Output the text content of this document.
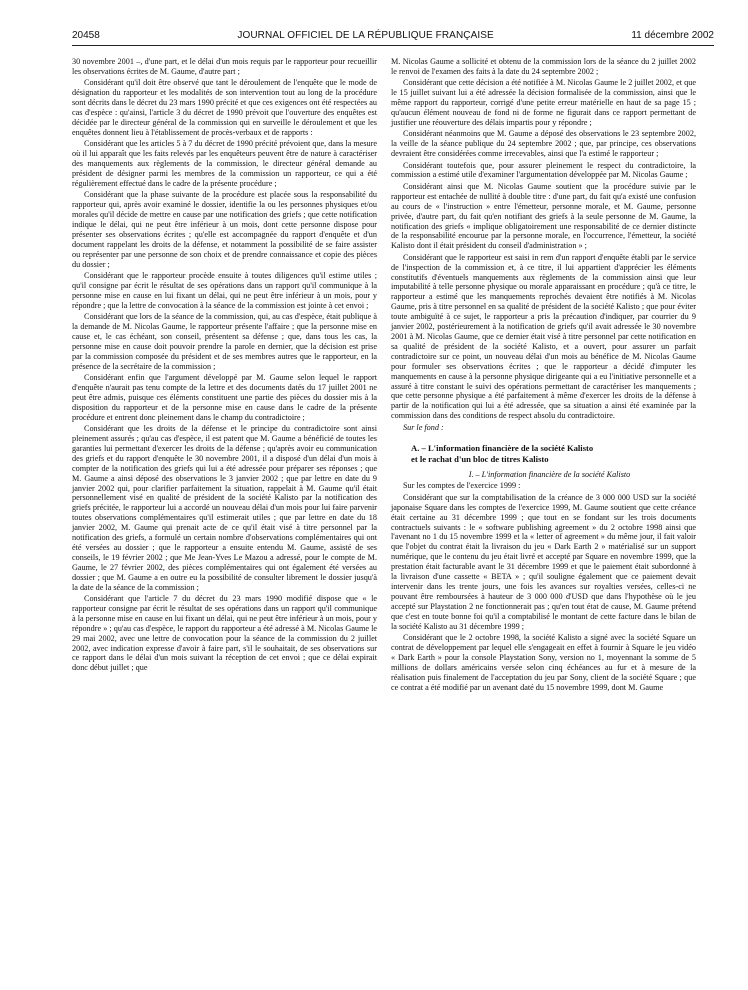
20458	JOURNAL OFFICIEL DE LA RÉPUBLIQUE FRANÇAISE	11 décembre 2002

30 novembre 2001 –, d'une part, et le délai d'un mois requis par le rapporteur pour recueillir les observations écrites de M. Gaume, d'autre part ;

Considérant qu'il doit être observé que tant le déroulement de l'enquête que le mode de désignation du rapporteur et les modalités de son intervention tout au long de la procédure sont décrits dans le décret du 23 mars 1990 précité et que ces exigences ont été respectées au cas d'espèce : qu'ainsi, l'article 3 du décret de 1990 prévoit que l'ouverture des enquêtes est décidée par le directeur général de la commission qui en surveille le déroulement et que les enquêtes donnent lieu à l'établissement de procès-verbaux et de rapports :

Considérant que les articles 5 à 7 du décret de 1990 précité prévoient que, dans la mesure où il lui apparaît que les faits relevés par les enquêteurs peuvent être de nature à caractériser des manquements aux règlements de la commission, le directeur général demande au président de désigner parmi les membres de la commission un rapporteur, ce qui a été régulièrement effectué dans le cadre de la présente procédure ;

Considérant que la phase suivante de la procédure est placée sous la responsabilité du rapporteur qui, après avoir examiné le dossier, identifie la ou les personnes physiques et/ou morales qu'il décide de mettre en cause par une notification des griefs ; que cette notification indique le délai, qui ne peut être inférieur à un mois, dont cette personne dispose pour présenter ses observations écrites ; qu'elle est accompagnée du rapport d'enquête et d'un document rappelant les droits de la défense, et notamment la possibilité de se faire assister ou représenter par une personne de son choix et de prendre connaissance et copie des pièces du dossier ;

Considérant que le rapporteur procède ensuite à toutes diligences qu'il estime utiles ; qu'il consigne par écrit le résultat de ses opérations dans un rapport qu'il communique à la personne mise en cause en lui fixant un délai, qui ne peut être inférieur à un mois, pour y répondre ; que la lettre de convocation à la séance de la commission est jointe à cet envoi ;

Considérant que lors de la séance de la commission, qui, au cas d'espèce, était publique à la demande de M. Nicolas Gaume, le rapporteur présente l'affaire ; que la personne mise en cause et, le cas échéant, son conseil, présentent sa défense ; que, dans tous les cas, la personne mise en cause doit pouvoir prendre la parole en dernier, que la décision est prise par la commission composée du président et de ses membres autres que le rapporteur, en la présence de la secrétaire de la commission ;

Considérant enfin que l'argument développé par M. Gaume selon lequel le rapport d'enquête n'aurait pas tenu compte de la lettre et des documents datés du 17 juillet 2001 ne peut être admis, puisque ces éléments constituent une partie des pièces du dossier mis à la disposition du rapporteur et de la personne mise en cause dans le cadre de la présente procédure et entrent donc pleinement dans le champ du contradictoire ;

Considérant que les droits de la défense et le principe du contradictoire sont ainsi pleinement assurés ; qu'au cas d'espèce, il est patent que M. Gaume a bénéficié de toutes les garanties lui permettant d'exercer les droits de la défense ; qu'après avoir eu communication des griefs et du rapport d'enquête le 30 novembre 2001, il a disposé d'un délai d'un mois à compter de la notification des griefs qui lui a été adressée pour préparer ses réponses ; que M. Gaume a ainsi déposé des observations le 3 janvier 2002 ; que par lettre en date du 9 janvier 2002 qui, pour clarifier parfaitement la situation, rappelait à M. Gaume qu'il était personnellement visé en qualité de président de la société Kalisto par la notification des griefs précitée, le rapporteur lui a accordé un nouveau délai d'un mois pour lui faire parvenir toutes observations complémentaires qu'il estimerait utiles ; que par lettre en date du 18 janvier 2002, M. Gaume qui prenait acte de ce qu'il était visé à titre personnel par la notification des griefs, a formulé un certain nombre d'observations complémentaires qui ont été versées au dossier ; que le rapporteur a ensuite entendu M. Gaume, assisté de ses conseils, le 19 février 2002 ; que Me Jean-Yves Le Mazou a adressé, pour le compte de M. Gaume, le 27 février 2002, des pièces complémentaires qui ont également été versées au dossier ; que M. Gaume a en outre eu la possibilité de consulter librement le dossier jusqu'à la date de la séance de la commission ;

Considérant que l'article 7 du décret du 23 mars 1990 modifié dispose que « le rapporteur consigne par écrit le résultat de ses opérations dans un rapport qu'il communique à la personne mise en cause en lui fixant un délai, qui ne peut être inférieur à un mois, pour y répondre » ; qu'au cas d'espèce, le rapport du rapporteur a été adressé à M. Nicolas Gaume le 29 mai 2002, avec une lettre de convocation pour la séance de la commission du 2 juillet 2002, avec indication expresse d'avoir à faire part, s'il le souhaitait, de ses observations sur ce rapport dans le délai d'un mois suivant la réception de cet envoi ; que ce délai expirait donc début juillet ; que

M. Nicolas Gaume a sollicité et obtenu de la commission lors de la séance du 2 juillet 2002 le renvoi de l'examen des faits à la date du 24 septembre 2002 ;

Considérant que cette décision a été notifiée à M. Nicolas Gaume le 2 juillet 2002, et que le 15 juillet suivant lui a été adressée la décision formalisée de la commission, ainsi que le même rapport du rapporteur, corrigé d'une petite erreur matérielle en haut de sa page 15 ; qu'aucun élément nouveau de fond ni de forme ne figurait dans ce rapport permettant de justifier une réouverture des délais impartis pour y répondre ;

Considérant néanmoins que M. Gaume a déposé des observations le 23 septembre 2002, la veille de la séance publique du 24 septembre 2002 ; que, par principe, ces observations devraient être considérées comme irrecevables, ainsi que l'a estimé le rapporteur ;

Considérant toutefois que, pour assurer pleinement le respect du contradictoire, la commission a estimé utile d'examiner l'argumentation développée par M. Nicolas Gaume ;

Considérant ainsi que M. Nicolas Gaume soutient que la procédure suivie par le rapporteur est entachée de nullité à double titre : d'une part, du fait qu'a existé une confusion au cours de « l'instruction » entre l'émetteur, personne morale, et M. Gaume, personne privée, d'autre part, du fait qu'en notifiant des griefs à la seule personne de M. Gaume, la notification des griefs « implique obligatoirement une responsabilité de ce dernier distincte de la responsabilité encourue par la personne morale, en l'occurrence, l'émetteur, la société Kalisto dont il était président du conseil d'administration » ;

Considérant que le rapporteur est saisi in rem d'un rapport d'enquête établi par le service de l'inspection de la commission et, à ce titre, il lui appartient d'apprécier les éléments constitutifs d'éventuels manquements aux règlements de la commission ainsi que leur imputabilité à telle personne physique ou morale apparaissant en procédure ; qu'à ce titre, le rapporteur a estimé que les manquements reprochés devaient être notifiés à M. Nicolas Gaume, pris à titre personnel en sa qualité de président de la société Kalisto ; que pour éviter toute ambiguïté à ce sujet, le rapporteur a pris la précaution d'indiquer, par courrier du 9 janvier 2002, postérieurement à la notification de griefs qu'il avait adressée le 30 novembre 2001 à M. Nicolas Gaume, que ce dernier était visé à titre personnel par cette notification en sa qualité de président de la société Kalisto, et a ouvert, pour assurer un parfait contradictoire sur ce point, un nouveau délai d'un mois au bénéfice de M. Nicolas Gaume pour formuler ses observations écrites ; que le rapporteur a décidé d'imputer les manquements en cause à la personne physique dirigeante qui a eu l'initiative personnelle et a assuré à titre constant le suivi des opérations permettant de caractériser les manquements ; que cette personne physique a été parfaitement à même d'exercer les droits de la défense à partir de la notification qui lui a été adressée, que sa situation a ainsi été examinée par la commission dans des conditions de respect absolu du contradictoire.

Sur le fond :

A. – L'information financière de la société Kalisto
et le rachat d'un bloc de titres Kalisto

I. – L'information financière de la société Kalisto

Sur les comptes de l'exercice 1999 :

Considérant que sur la comptabilisation de la créance de 3 000 000 USD sur la société japonaise Square dans les comptes de l'exercice 1999, M. Gaume soutient que cette créance était certaine au 31 décembre 1999 ; que tout en se fondant sur les trois documents contractuels suivants : le « software publishing agreement » du 2 octobre 1998 ainsi que l'avenant no 1 du 15 novembre 1999 et la « letter of agreement » du même jour, il fait valoir que l'objet du contrat était la livraison du jeu « Dark Earth 2 » matérialisé sur un support numérique, que le contenu du jeu était livré et accepté par Square en novembre 1999, que la prestation était facturable avant le 31 décembre 1999 et que le paiement était subordonné à la livraison d'une cassette « BETA » ; qu'il souligne également que ce paiement devait intervenir dans les trente jours, une fois les avances sur royalties versées, celles-ci ne pouvant être remboursées à hauteur de 3 000 000 d'USD que dans l'hypothèse où le jeu accepté sur Playstation 2 ne fonctionnerait pas ; qu'en tout état de cause, M. Gaume prétend que c'est en toute bonne foi qu'il a comptabilisé le montant de cette facture dans le bilan de la société Kalisto au 31 décembre 1999 ;

Considérant que le 2 octobre 1998, la société Kalisto a signé avec la société Square un contrat de développement par lequel elle s'engageait en effet à fournir à Square le jeu vidéo « Dark Earth » pour la console Playstation Sony, version no 1, moyennant la somme de 5 millions de dollars américains versée selon cinq échéances au fur et à mesure de la réalisation puis finalement de l'acceptation du jeu par Sony, client de la société Square ; que ce contrat a été modifié par un avenant daté du 15 novembre 1999, dont M. Gaume
